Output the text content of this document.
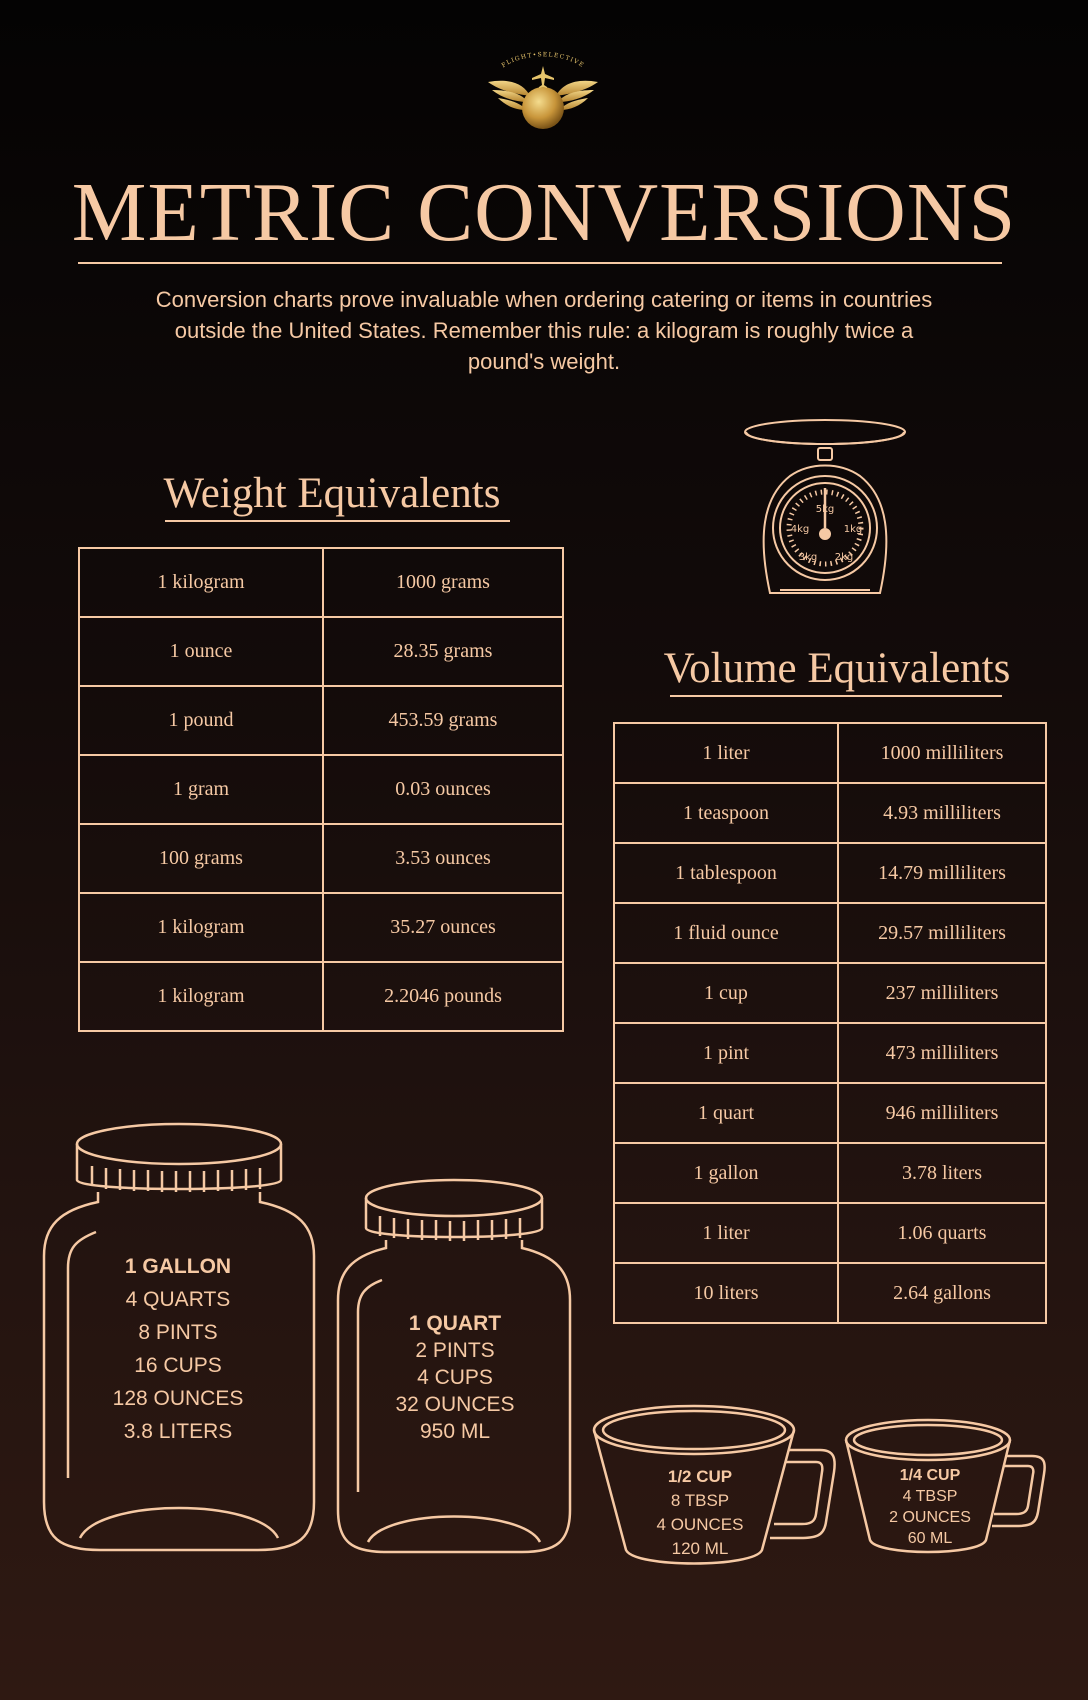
FLIGHT•SELECTIVE
METRIC CONVERSIONS

Conversion charts prove invaluable when ordering catering or items in countries outside the United States. Remember this rule: a kilogram is roughly twice a pound's weight.

5kg
4kg	1kg
3kg 2kg
Weight Equivalents
1 kilogram	1000 grams
1 ounce	28.35 grams
1 pound	453.59 grams
1 gram	0.03 ounces
100 grams	3.53 ounces
1 kilogram	35.27 ounces
1 kilogram	2.2046 pounds
Volume Equivalents
1 liter	1000 milliliters
1 teaspoon	4.93 milliliters
1 tablespoon	14.79 milliliters
1 fluid ounce	29.57 milliliters
1 cup	237 milliliters
1 pint	473 milliliters
1 quart	946 milliliters
1 gallon	3.78 liters
1 liter	1.06 quarts
10 liters	2.64 gallons
1 GALLON
4 QUARTS
8 PINTS
16 CUPS
128 OUNCES
3.8 LITERS
1 QUART
2 PINTS
4 CUPS
32 OUNCES
950 ML
1/2 CUP
8 TBSP
4 OUNCES
120 ML
1/4 CUP
4 TBSP
2 OUNCES
60 ML
